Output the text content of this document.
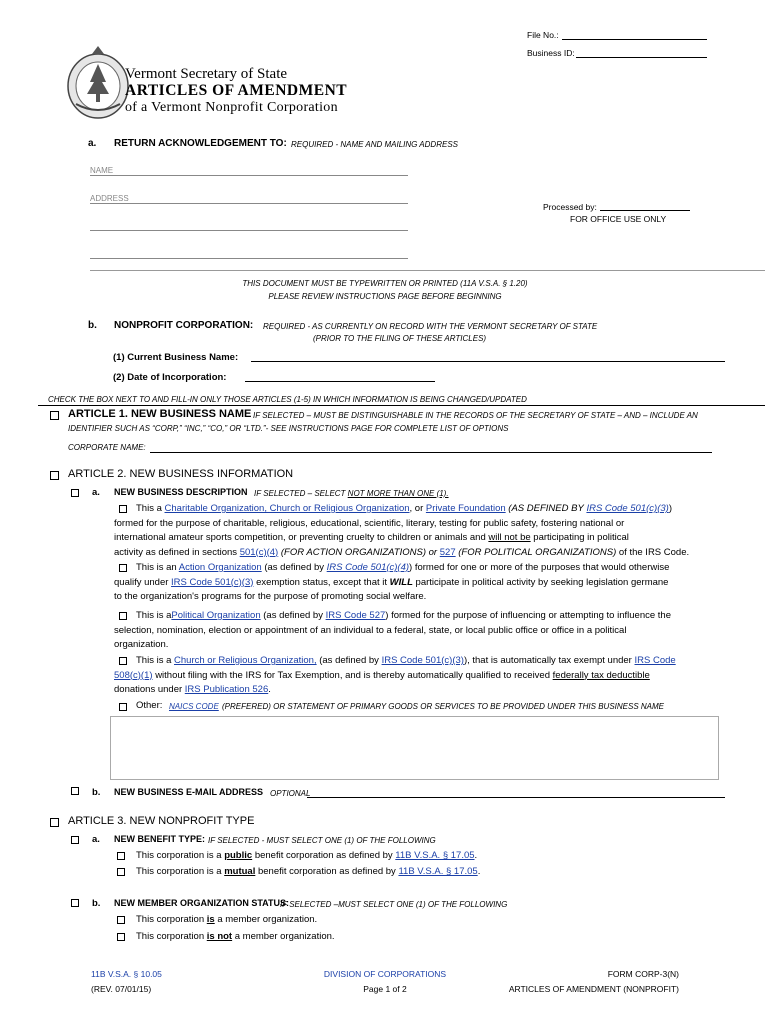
File No.:
Business ID:
Vermont Secretary of State
ARTICLES OF AMENDMENT
of a Vermont Nonprofit Corporation
a. RETURN ACKNOWLEDGEMENT TO: REQUIRED - NAME AND MAILING ADDRESS
NAME
ADDRESS
Processed by:
FOR OFFICE USE ONLY
THIS DOCUMENT MUST BE TYPEWRITTEN OR PRINTED (11A V.S.A. § 1.20)
PLEASE REVIEW INSTRUCTIONS PAGE BEFORE BEGINNING
b. NONPROFIT CORPORATION: REQUIRED - AS CURRENTLY ON RECORD WITH THE VERMONT SECRETARY OF STATE
(PRIOR TO THE FILING OF THESE ARTICLES)
(1) Current Business Name:
(2) Date of Incorporation:
CHECK THE BOX NEXT TO AND FILL-IN ONLY THOSE ARTICLES (1-5) IN WHICH INFORMATION IS BEING CHANGED/UPDATED
ARTICLE 1. NEW BUSINESS NAME IF SELECTED – MUST BE DISTINGUISHABLE IN THE RECORDS OF THE SECRETARY OF STATE – AND – INCLUDE AN
IDENTIFIER SUCH AS “CORP,” “INC,” “CO,” OR “LTD.”- SEE INSTRUCTIONS PAGE FOR COMPLETE LIST OF OPTIONS
CORPORATE NAME:
ARTICLE 2. NEW BUSINESS INFORMATION
a. NEW BUSINESS DESCRIPTION IF SELECTED – SELECT NOT MORE THAN ONE (1).
This a Charitable Organization, Church or Religious Organization, or Private Foundation (AS DEFINED BY IRS Code 501(c)(3))
formed for the purpose of charitable, religious, educational, scientific, literary, testing for public safety, fostering national or
international amateur sports competition, or preventing cruelty to children or animals and will not be participating in political
activity as defined in sections 501(c)(4) (FOR ACTION ORGANIZATIONS) or 527 (FOR POLITICAL ORGANIZATIONS) of the IRS Code.
This is an Action Organization (as defined by IRS Code 501(c)(4)) formed for one or more of the purposes that would otherwise
qualify under IRS Code 501(c)(3) exemption status, except that it WILL participate in political activity by seeking legislation germane
to the organization's programs for the purpose of promoting social welfare.
This is aPolitical Organization (as defined by IRS Code 527) formed for the purpose of influencing or attempting to influence the
selection, nomination, election or appointment of an individual to a federal, state, or local public office or office in a political
organization.
This is a Church or Religious Organization, (as defined by IRS Code 501(c)(3)), that is automatically tax exempt under IRS Code
508(c)(1) without filing with the IRS for Tax Exemption, and is thereby automatically qualified to received federally tax deductible
donations under IRS Publication 526.
Other: NAICS CODE (PREFERED) OR STATEMENT OF PRIMARY GOODS OR SERVICES TO BE PROVIDED UNDER THIS BUSINESS NAME
b. NEW BUSINESS E-MAIL ADDRESS OPTIONAL
ARTICLE 3. NEW NONPROFIT TYPE
a. NEW BENEFIT TYPE: IF SELECTED - MUST SELECT ONE (1) OF THE FOLLOWING
This corporation is a public benefit corporation as defined by 11B V.S.A. § 17.05.
This corporation is a mutual benefit corporation as defined by 11B V.S.A. § 17.05.
b. NEW MEMBER ORGANIZATION STATUS:
IF SELECTED –MUST SELECT ONE (1) OF THE FOLLOWING
This corporation is a member organization.
This corporation is not a member organization.
11B V.S.A. § 10.05
(REV. 07/01/15)
DIVISION OF CORPORATIONS
Page 1 of 2
FORM CORP-3(N)
ARTICLES OF AMENDMENT (NONPROFIT)
